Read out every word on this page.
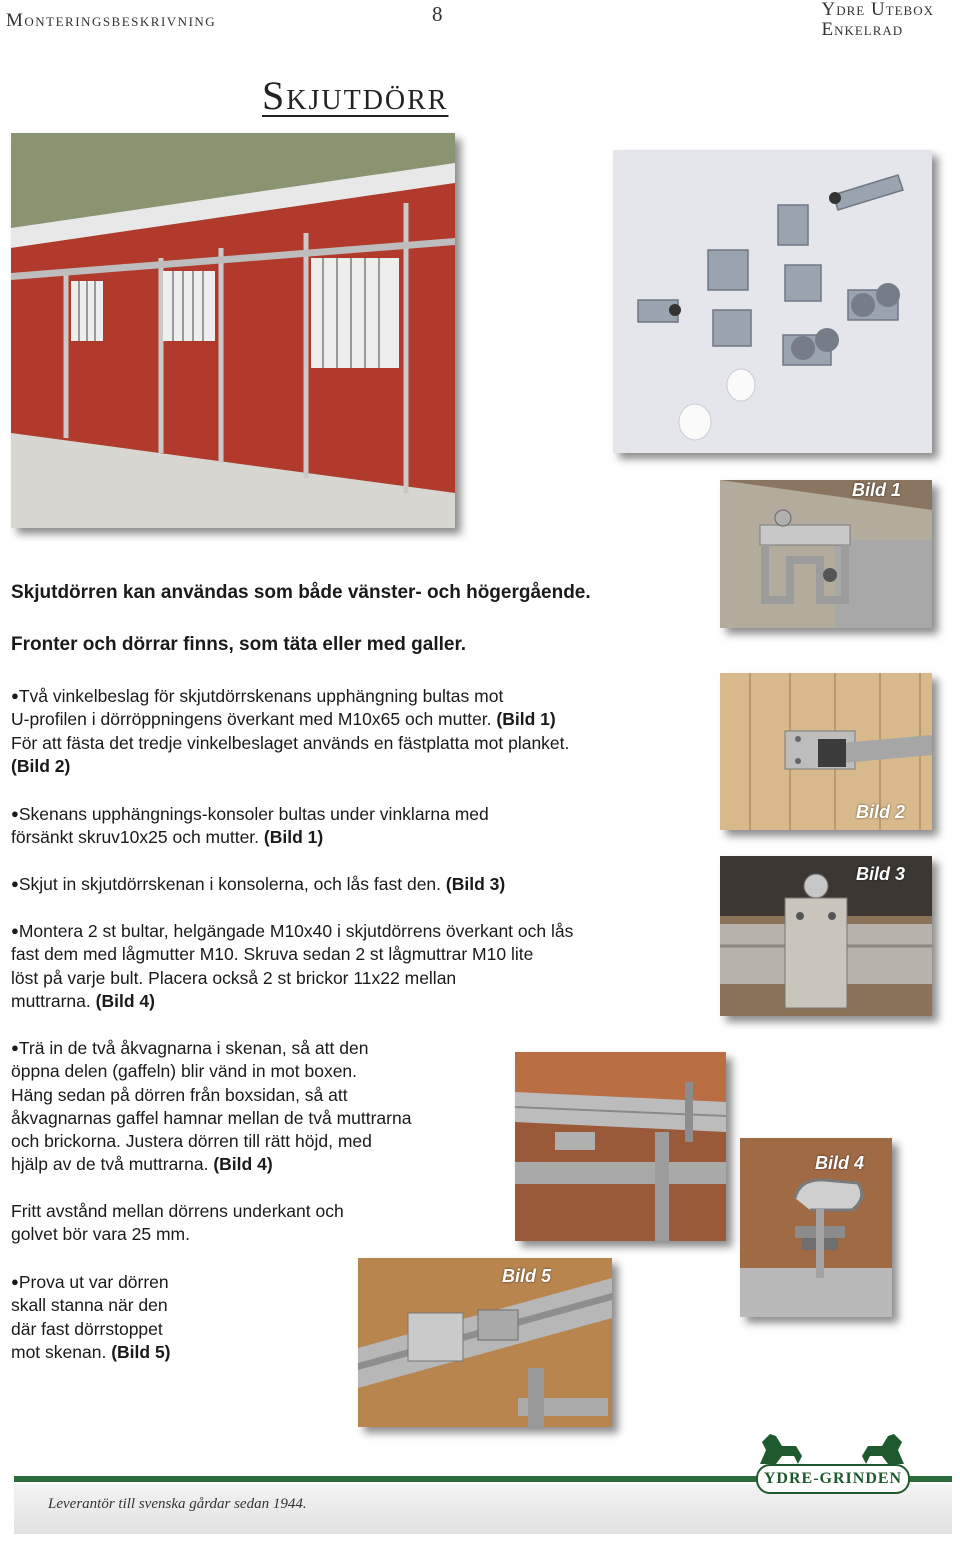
Monteringsbeskrivning	8	Ydre Utebox
Enkelrad
Skjutdörr
Bild 1
Bild 2
Bild 3
Bild 4
Bild 5
Skjutdörren kan användas som både vänster- och högergående.
Fronter och dörrar finns, som täta eller med galler.
●Två vinkelbeslag för skjutdörrskenans upphängning bultas mot
U-profilen i dörröppningens överkant med M10x65 och mutter. (Bild 1)
För att fästa det tredje vinkelbeslaget används en fästplatta mot planket.
(Bild 2)
●Skenans upphängnings-konsoler bultas under vinklarna med
försänkt skruv10x25 och mutter. (Bild 1)
●Skjut in skjutdörrskenan i konsolerna, och lås fast den. (Bild 3)
●Montera 2 st bultar, helgängade M10x40 i skjutdörrens överkant och lås
fast dem med lågmutter M10. Skruva sedan 2 st lågmuttrar M10 lite
löst på varje bult. Placera också 2 st brickor 11x22 mellan
muttrarna. (Bild 4)
●Trä in de två åkvagnarna i skenan, så att den
öppna delen (gaffeln) blir vänd in mot boxen.
Häng sedan på dörren från boxsidan, så att
åkvagnarnas gaffel hamnar mellan de två muttrarna
och brickorna. Justera dörren till rätt höjd, med
hjälp av de två muttrarna. (Bild 4)
Fritt avstånd mellan dörrens underkant och
golvet bör vara 25 mm.
●Prova ut var dörren
skall stanna när den
där fast dörrstoppet
mot skenan. (Bild 5)
Leverantör till svenska gårdar sedan 1944.
YDRE-GRINDEN
